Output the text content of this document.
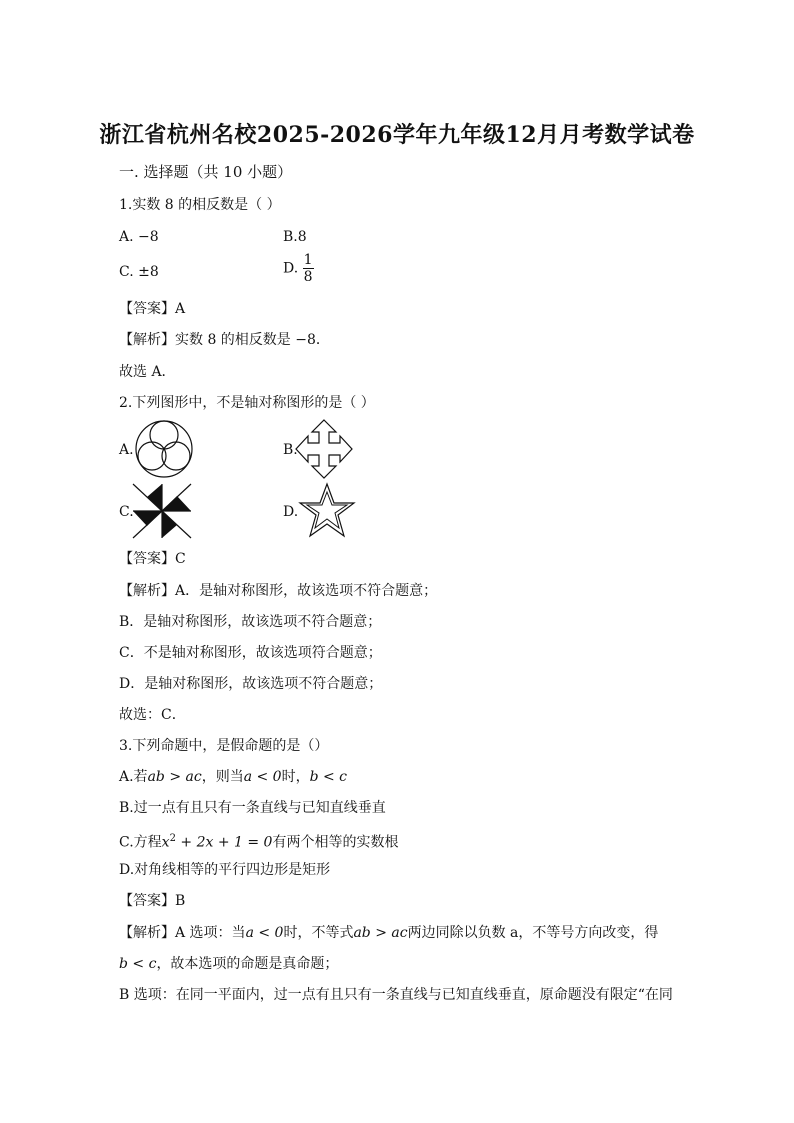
浙江省杭州名校2025-2026学年九年级12月月考数学试卷
一. 选择题（共 10 小题）
1.实数 8 的相反数是（ ）
A. −8	B.8
C. ±8	D. $\frac{1}{8}$
【答案】A
【解析】实数 8 的相反数是 −8．
故选 A．
2.下列图形中，不是轴对称图形的是（ ）
A.	B.
C.	D.
【答案】C
【解析】A．是轴对称图形，故该选项不符合题意；
B．是轴对称图形，故该选项不符合题意；
C．不是轴对称图形，故该选项符合题意；
D．是轴对称图形，故该选项不符合题意；
故选：C．
3.下列命题中，是假命题的是（）
A.若ab > ac，则当a < 0时，b < c
B.过一点有且只有一条直线与已知直线垂直
C.方程$x^2 + 2x + 1 = 0$有两个相等的实数根
D.对角线相等的平行四边形是矩形
【答案】B
【解析】A 选项：当a < 0时，不等式ab > ac两边同除以负数 a，不等号方向改变，得
b < c，故本选项的命题是真命题；
B 选项：在同一平面内，过一点有且只有一条直线与已知直线垂直，原命题没有限定“在同
